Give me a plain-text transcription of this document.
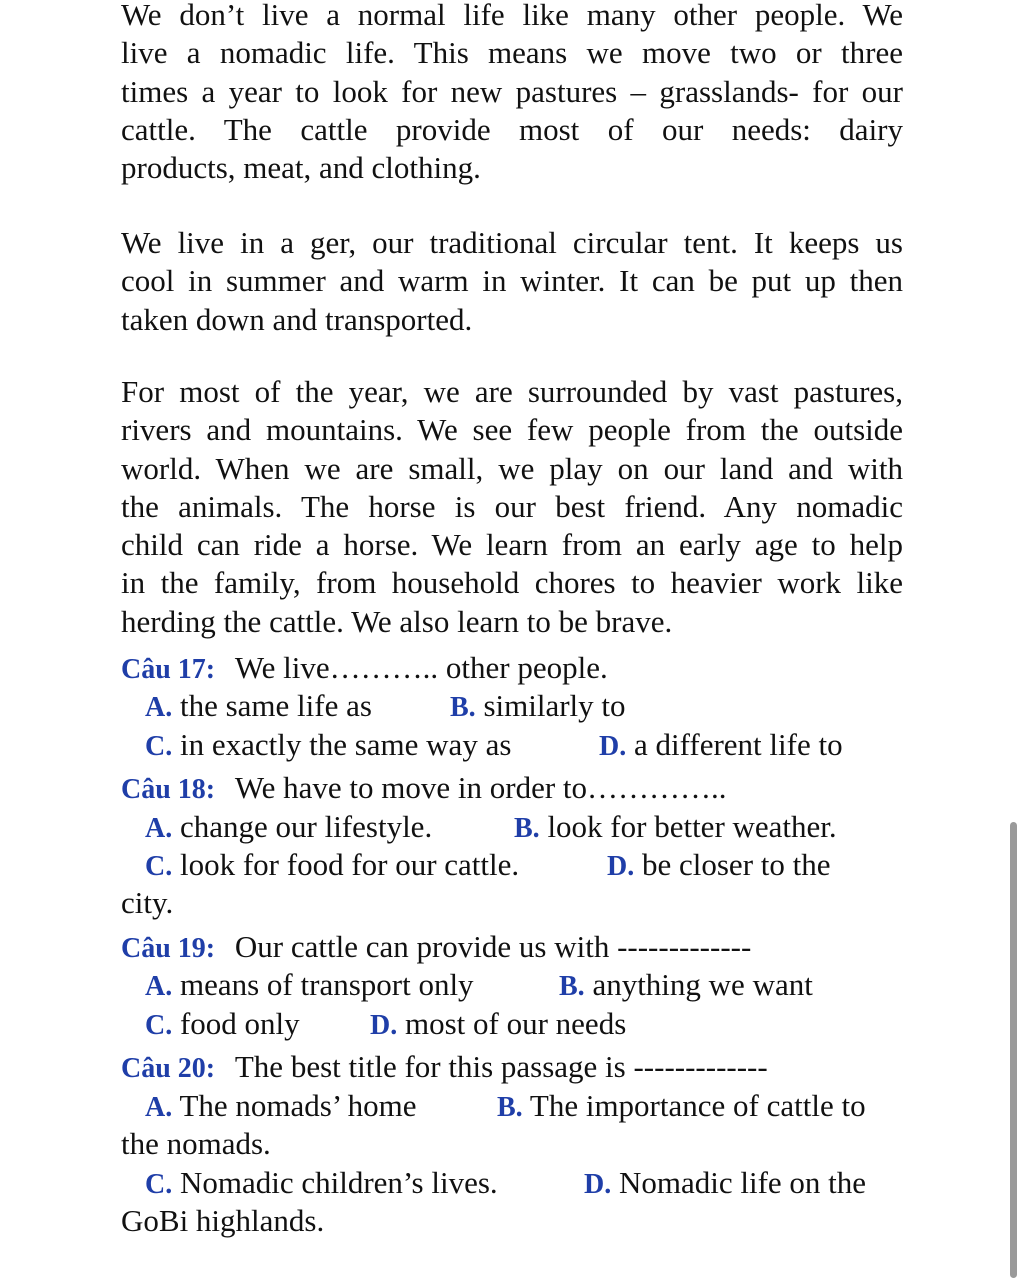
We don’t live a normal life like many other people. We
live a nomadic life. This means we move two or three
times a year to look for new pastures – grasslands- for our
cattle. The cattle provide most of our needs: dairy
products, meat, and clothing.
We live in a ger, our traditional circular tent. It keeps us
cool in summer and warm in winter. It can be put up then
taken down and transported.
For most of the year, we are surrounded by vast pastures,
rivers and mountains. We see few people from the outside
world. When we are small, we play on our land and with
the animals. The horse is our best friend. Any nomadic
child can ride a horse. We learn from an early age to help
in the family, from household chores to heavier work like
herding the cattle. We also learn to be brave.
Câu 17: We live……….. other people.
A. the same life as	B. similarly to
C. in exactly the same way as	D. a different life to
Câu 18: We have to move in order to…………..
A. change our lifestyle.	B. look for better weather.
C. look for food for our cattle.	D. be closer to the
city.
Câu 19: Our cattle can provide us with -------------
A. means of transport only	B. anything we want
C. food only	D. most of our needs
Câu 20: The best title for this passage is -------------
A. The nomads’ home	B. The importance of cattle to
the nomads.
C. Nomadic children’s lives.	D. Nomadic life on the
GoBi highlands.
